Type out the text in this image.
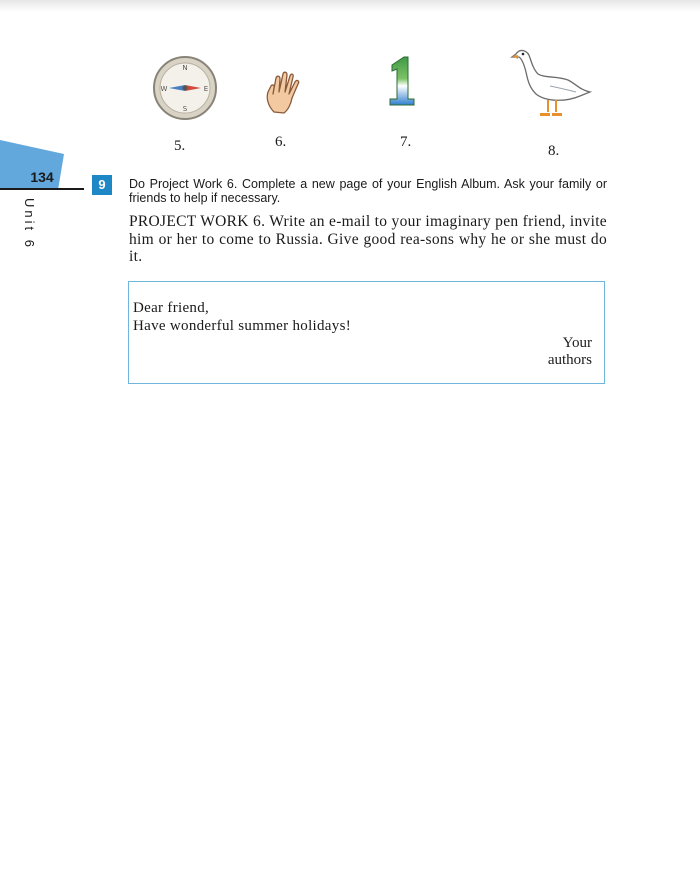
N
S
W	E
5.	6.	7.
8.
134
Unit 6
9	Do Project Work 6. Complete a new page of your English Album. Ask your family or friends to help if necessary.
PROJECT WORK 6. Write an e-mail to your imaginary pen friend, invite him or her to come to Russia. Give good rea-sons why he or she must do it.
Dear friend,
Have wonderful summer holidays!
Your
authors
